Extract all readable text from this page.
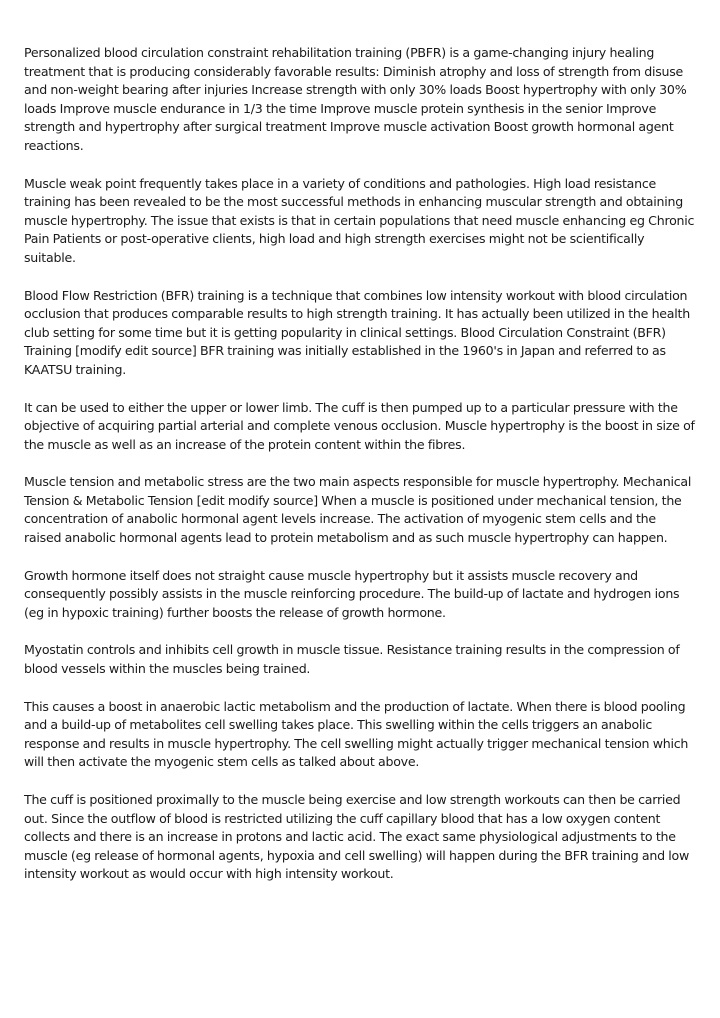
Personalized blood circulation constraint rehabilitation training (PBFR) is a game-changing injury healing treatment that is producing considerably favorable results: Diminish atrophy and loss of strength from disuse and non-weight bearing after injuries Increase strength with only 30% loads Boost hypertrophy with only 30% loads Improve muscle endurance in 1/3 the time Improve muscle protein synthesis in the senior Improve strength and hypertrophy after surgical treatment Improve muscle activation Boost growth hormonal agent reactions.

Muscle weak point frequently takes place in a variety of conditions and pathologies. High load resistance training has been revealed to be the most successful methods in enhancing muscular strength and obtaining muscle hypertrophy. The issue that exists is that in certain populations that need muscle enhancing eg Chronic Pain Patients or post-operative clients, high load and high strength exercises might not be scientifically suitable.

Blood Flow Restriction (BFR) training is a technique that combines low intensity workout with blood circulation occlusion that produces comparable results to high strength training. It has actually been utilized in the health club setting for some time but it is getting popularity in clinical settings. Blood Circulation Constraint (BFR) Training [modify edit source] BFR training was initially established in the 1960's in Japan and referred to as KAATSU training.

It can be used to either the upper or lower limb. The cuff is then pumped up to a particular pressure with the objective of acquiring partial arterial and complete venous occlusion. Muscle hypertrophy is the boost in size of the muscle as well as an increase of the protein content within the fibres.

Muscle tension and metabolic stress are the two main aspects responsible for muscle hypertrophy. Mechanical Tension & Metabolic Tension [edit modify source] When a muscle is positioned under mechanical tension, the concentration of anabolic hormonal agent levels increase. The activation of myogenic stem cells and the raised anabolic hormonal agents lead to protein metabolism and as such muscle hypertrophy can happen.

Growth hormone itself does not straight cause muscle hypertrophy but it assists muscle recovery and consequently possibly assists in the muscle reinforcing procedure. The build-up of lactate and hydrogen ions (eg in hypoxic training) further boosts the release of growth hormone.

Myostatin controls and inhibits cell growth in muscle tissue. Resistance training results in the compression of blood vessels within the muscles being trained.

This causes a boost in anaerobic lactic metabolism and the production of lactate. When there is blood pooling and a build-up of metabolites cell swelling takes place. This swelling within the cells triggers an anabolic response and results in muscle hypertrophy. The cell swelling might actually trigger mechanical tension which will then activate the myogenic stem cells as talked about above.

The cuff is positioned proximally to the muscle being exercise and low strength workouts can then be carried out. Since the outflow of blood is restricted utilizing the cuff capillary blood that has a low oxygen content collects and there is an increase in protons and lactic acid. The exact same physiological adjustments to the muscle (eg release of hormonal agents, hypoxia and cell swelling) will happen during the BFR training and low intensity workout as would occur with high intensity workout.
